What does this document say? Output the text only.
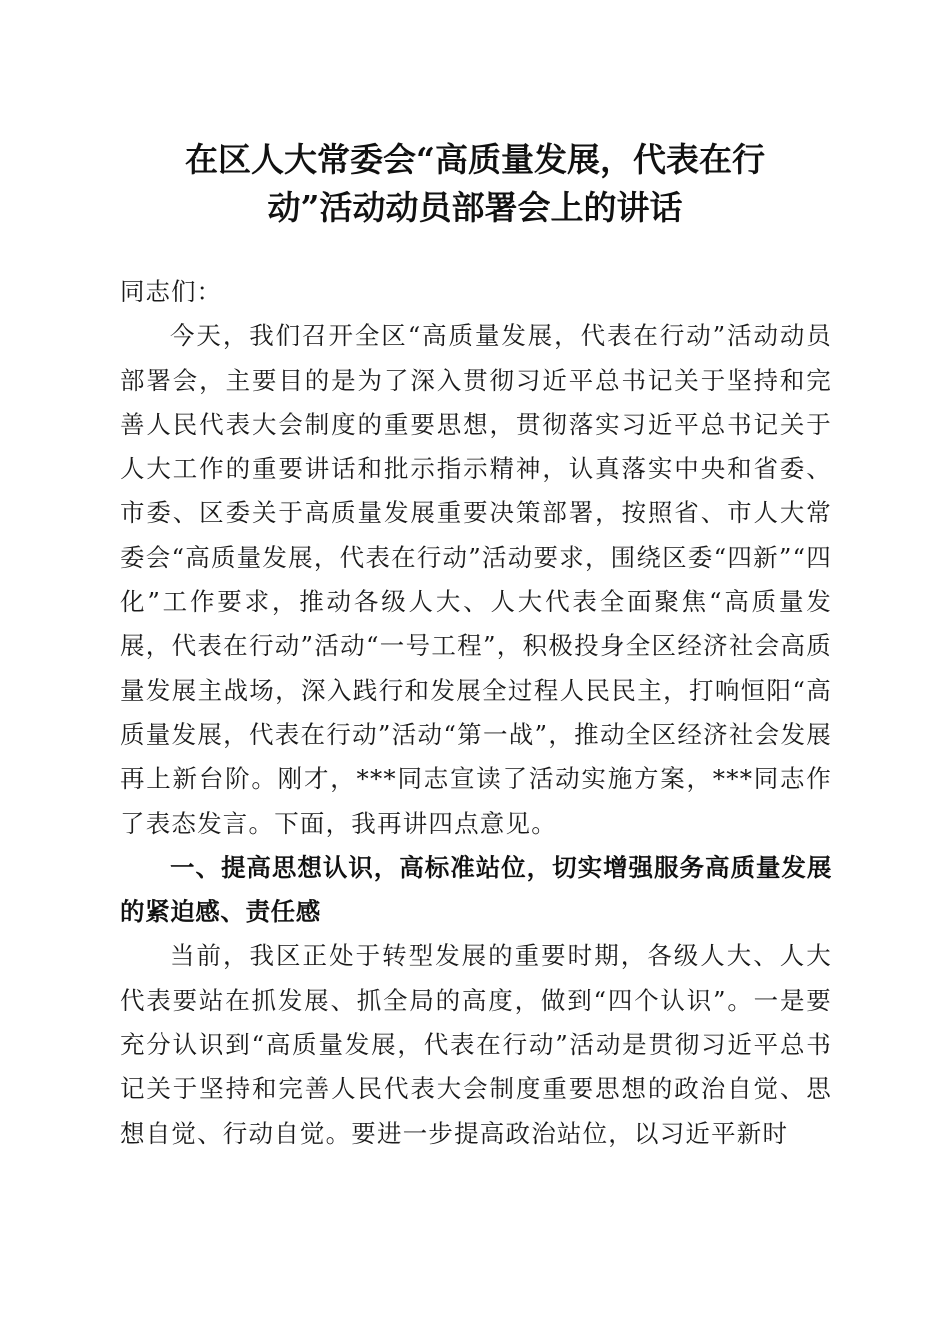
在区人大常委会“高质量发展，代表在行
动”活动动员部署会上的讲话

同志们：

今天，我们召开全区“高质量发展，代表在行动”活动动员部署会，主要目的是为了深入贯彻习近平总书记关于坚持和完善人民代表大会制度的重要思想，贯彻落实习近平总书记关于人大工作的重要讲话和批示指示精神，认真落实中央和省委、市委、区委关于高质量发展重要决策部署，按照省、市人大常委会“高质量发展，代表在行动”活动要求，围绕区委“四新”“四化”工作要求，推动各级人大、人大代表全面聚焦“高质量发展，代表在行动”活动“一号工程”，积极投身全区经济社会高质量发展主战场，深入践行和发展全过程人民民主，打响恒阳“高质量发展，代表在行动”活动“第一战”，推动全区经济社会发展再上新台阶。刚才，***同志宣读了活动实施方案，***同志作了表态发言。下面，我再讲四点意见。

一、提高思想认识，高标准站位，切实增强服务高质量发展的紧迫感、责任感

当前，我区正处于转型发展的重要时期，各级人大、人大代表要站在抓发展、抓全局的高度，做到“四个认识”。一是要充分认识到“高质量发展，代表在行动”活动是贯彻习近平总书记关于坚持和完善人民代表大会制度重要思想的政治自觉、思想自觉、行动自觉。要进一步提高政治站位，以习近平新时
